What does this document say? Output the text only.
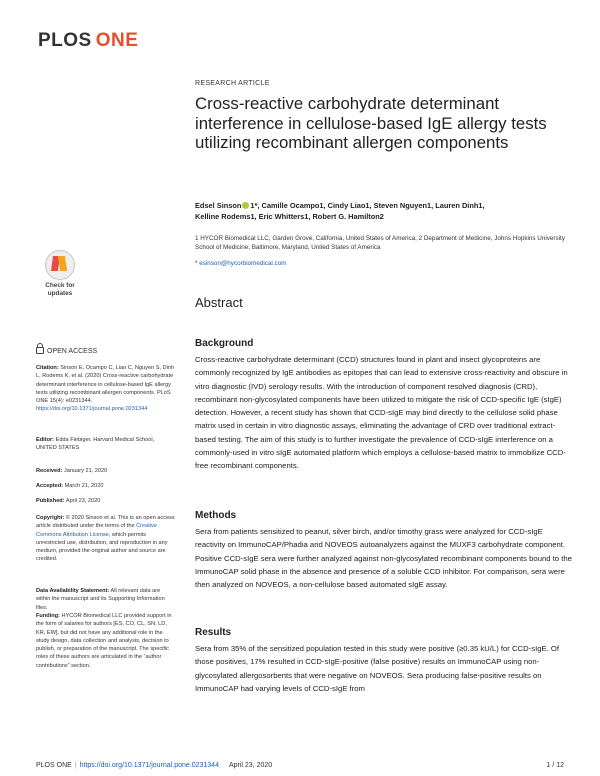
PLOS ONE
RESEARCH ARTICLE
Cross-reactive carbohydrate determinant interference in cellulose-based IgE allergy tests utilizing recombinant allergen components
Edsel Sinson 1*, Camille Ocampo1, Cindy Liao1, Steven Nguyen1, Lauren Dinh1,
Kelline Rodems1, Eric Whitters1, Robert G. Hamilton2
1 HYCOR Biomedical LLC, Garden Grove, California, United States of America, 2 Department of Medicine, Johns Hopkins University School of Medicine, Baltimore, Maryland, United States of America
* esinson@hycorbiomedical.com
Check for
updates
Abstract
Background
Cross-reactive carbohydrate determinant (CCD) structures found in plant and insect glycoproteins are commonly recognized by IgE antibodies as epitopes that can lead to extensive cross-reactivity and obscure in vitro diagnostic (IVD) serology results. With the introduction of component resolved diagnosis (CRD), recombinant non-glycosylated components have been utilized to mitigate the risk of CCD-specific IgE (sIgE) detection. However, a recent study has shown that CCD-sIgE may bind directly to the cellulose solid phase matrix used in certain in vitro diagnostic assays, eliminating the advantage of CRD over traditional extract-based testing. The aim of this study is to further investigate the prevalence of CCD-sIgE interference on a commonly-used in vitro sIgE automated platform which employs a cellulose-based matrix to immobilize CCD-free recombinant components.
Methods
Sera from patients sensitized to peanut, silver birch, and/or timothy grass were analyzed for CCD-sIgE reactivity on ImmunoCAP/Phadia and NOVEOS autoanalyzers against the MUXF3 carbohydrate component. Positive CCD-sIgE sera were further analyzed against non-glycosylated recombinant components bound to the ImmunoCAP solid phase in the absence and presence of a soluble CCD inhibitor. For comparison, sera were then analyzed on NOVEOS, a non-cellulose based automated sIgE assay.
Results
Sera from 35% of the sensitized population tested in this study were positive (≥0.35 kU/L) for CCD-sIgE. Of those positives, 17% resulted in CCD-sIgE-positive (false positive) results on ImmunoCAP using non-glycosylated allergosorbents that were negative on NOVEOS. Sera producing false-positive results on ImmunoCAP had varying levels of CCD-sIgE from
OPEN ACCESS
Citation: Sinson E, Ocampo C, Liao C, Nguyen S, Dinh L, Rodems K, et al. (2020) Cross-reactive carbohydrate determinant interference in cellulose-based IgE allergy tests utilizing recombinant allergen components. PLoS ONE 15(4): e0231344. https://doi.org/10.1371/journal.pone.0231344
Editor: Edda Fiebiger, Harvard Medical School, UNITED STATES
Received: January 21, 2020
Accepted: March 21, 2020
Published: April 23, 2020
Copyright: © 2020 Sinson et al. This is an open access article distributed under the terms of the Creative Commons Attribution License, which permits unrestricted use, distribution, and reproduction in any medium, provided the original author and source are credited.
Data Availability Statement: All relevant data are within the manuscript and its Supporting Information files.
Funding: HYCOR Biomedical LLC provided support in the form of salaries for authors [ES, CO, CL, SN, LD, KR, EW], but did not have any additional role in the study design, data collection and analysis, decision to publish, or preparation of the manuscript. The specific roles of these authors are articulated in the “author contributions” section.
PLOS ONE | https://doi.org/10.1371/journal.pone.0231344 April 23, 2020	1 / 12
